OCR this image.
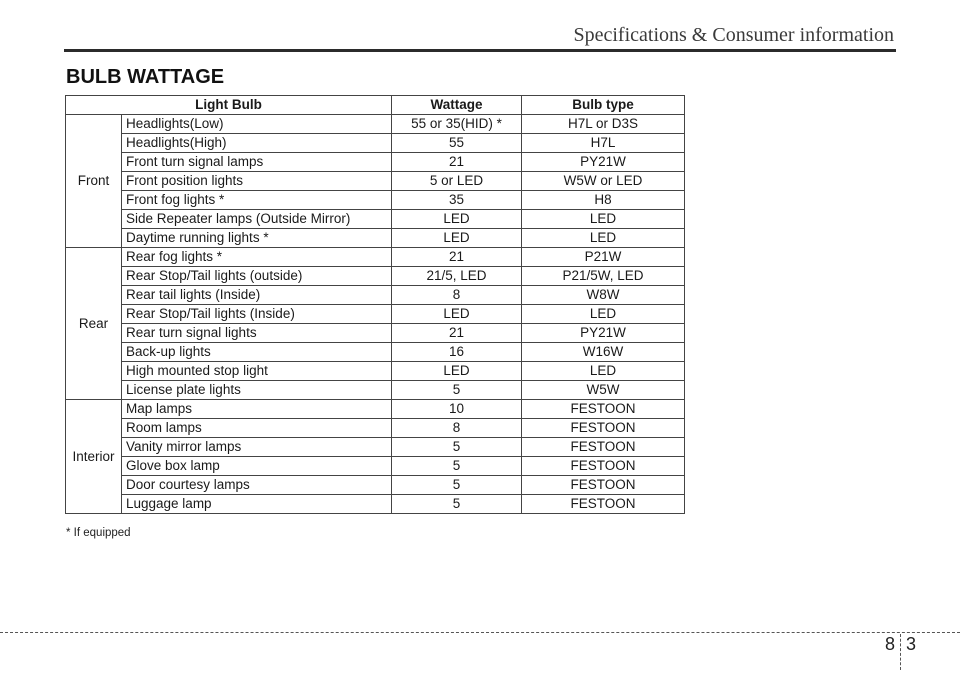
Specifications & Consumer information
BULB WATTAGE
Light Bulb		Wattage	Bulb type
Front	Headlights(Low)	55 or 35(HID) *	H7L or D3S
	Headlights(High)	55	H7L
	Front turn signal lamps	21	PY21W
	Front position lights	5 or LED	W5W or LED
	Front fog lights *	35	H8
	Side Repeater lamps (Outside Mirror)	LED	LED
	Daytime running lights *	LED	LED
Rear	Rear fog lights *	21	P21W
	Rear Stop/Tail lights (outside)	21/5, LED	P21/5W, LED
	Rear tail lights (Inside)	8	W8W
	Rear Stop/Tail lights (Inside)	LED	LED
	Rear turn signal lights	21	PY21W
	Back-up lights	16	W16W
	High mounted stop light	LED	LED
	License plate lights	5	W5W
Interior	Map lamps	10	FESTOON
	Room lamps	8	FESTOON
	Vanity mirror lamps	5	FESTOON
	Glove box lamp	5	FESTOON
	Door courtesy lamps	5	FESTOON
	Luggage lamp	5	FESTOON
* If equipped
8 3
